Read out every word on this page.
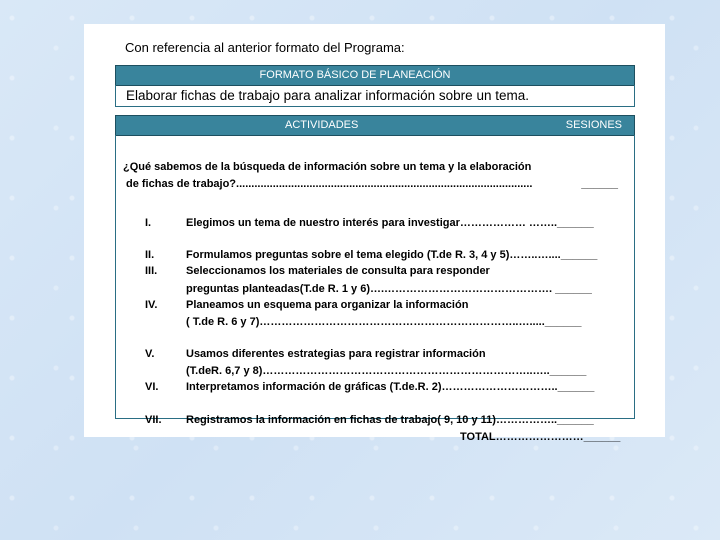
Con referencia al anterior formato del Programa:
FORMATO BÁSICO DE PLANEACIÓN
Elaborar fichas de trabajo para analizar información sobre un tema.
ACTIVIDADES	SESIONES
¿Qué sabemos de la búsqueda de información sobre un tema y la elaboración
de fichas de trabajo?.................................................................................................	______
I.	Elegimos un tema de nuestro interés para investigar……………… ……..______
II.	Formulamos preguntas sobre el tema elegido (T.de R. 3, 4 y 5)……..…....______
III.	Seleccionamos los materiales de consulta para responder
preguntas planteadas(T.de R. 1 y 6)….………………………………………. ______
IV.	Planeamos un esquema para organizar la información
( T.de R. 6 y 7)……………………………………………………………..….....______
V.	Usamos diferentes estrategias para registrar información
(T.deR. 6,7 y 8)………………………………………………………………..…..______
VI.	Interpretamos información de gráficas (T.de.R. 2)…………………………..______
VII. Registramos la información en fichas de trabajo( 9, 10 y 11)……………..______
TOTAL……………………______
